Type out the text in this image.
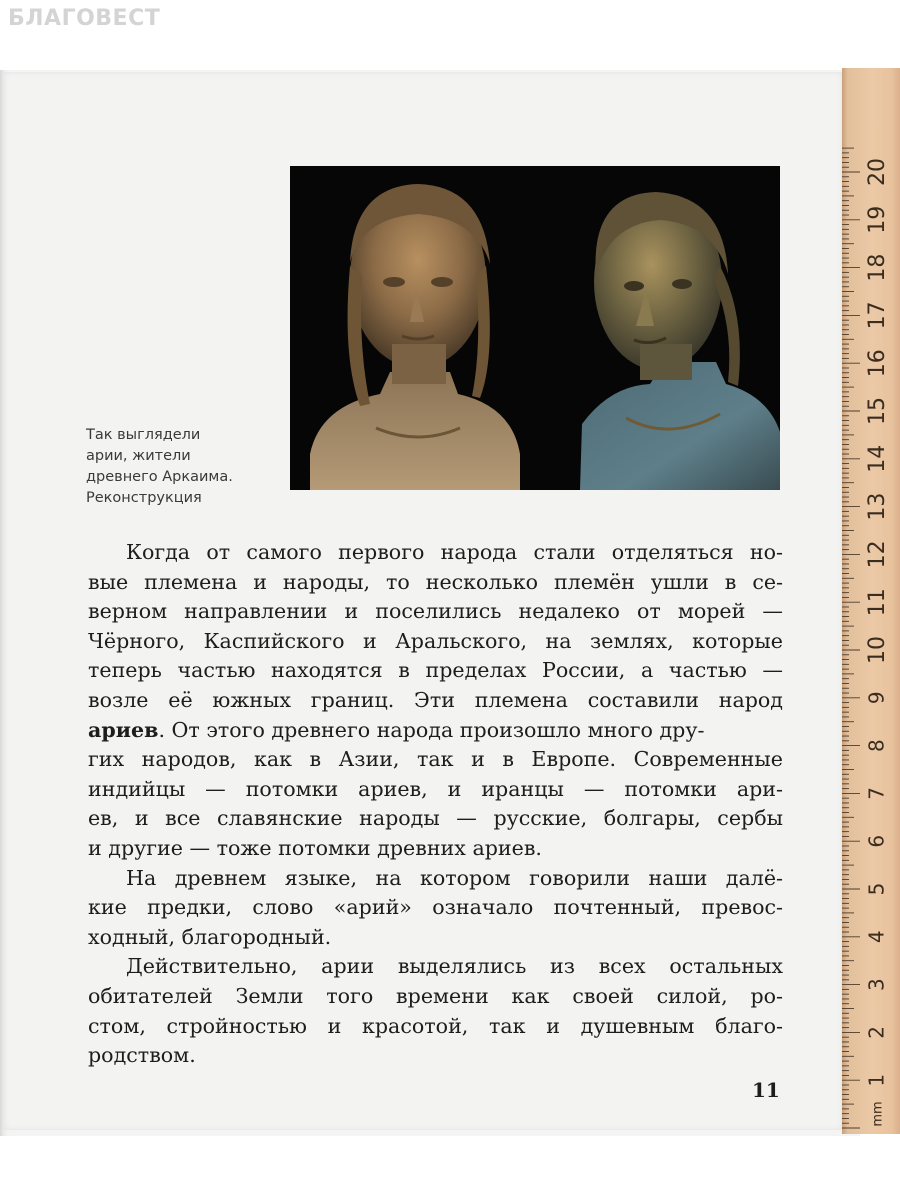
БЛАГОВЕСТ
Так выглядели
арии, жители
древнего Аркаима.
Реконструкция
Когда от самого первого народа стали отделяться но-
вые племена и народы, то несколько племён ушли в се-
верном направлении и поселились недалеко от морей —
Чёрного, Каспийского и Аральского, на землях, которые
теперь частью находятся в пределах России, а частью —
возле её южных границ. Эти племена составили народ
ариев. От этого древнего народа произошло много дру-
гих народов, как в Азии, так и в Европе. Современные
индийцы — потомки ариев, и иранцы — потомки ари-
ев, и все славянские народы — русские, болгары, сербы
и другие — тоже потомки древних ариев.
На древнем языке, на котором говорили наши далё-
кие предки, слово «арий» означало почтенный, превос-
ходный, благородный.
Действительно, арии выделялись из всех остальных
обитателей Земли того времени как своей силой, ро-
стом, стройностью и красотой, так и душевным благо-
родством.
11	1
2
3
4
5
6
7
8
9
10
11
12
13
14
15
16
17
18
19
20
mm
